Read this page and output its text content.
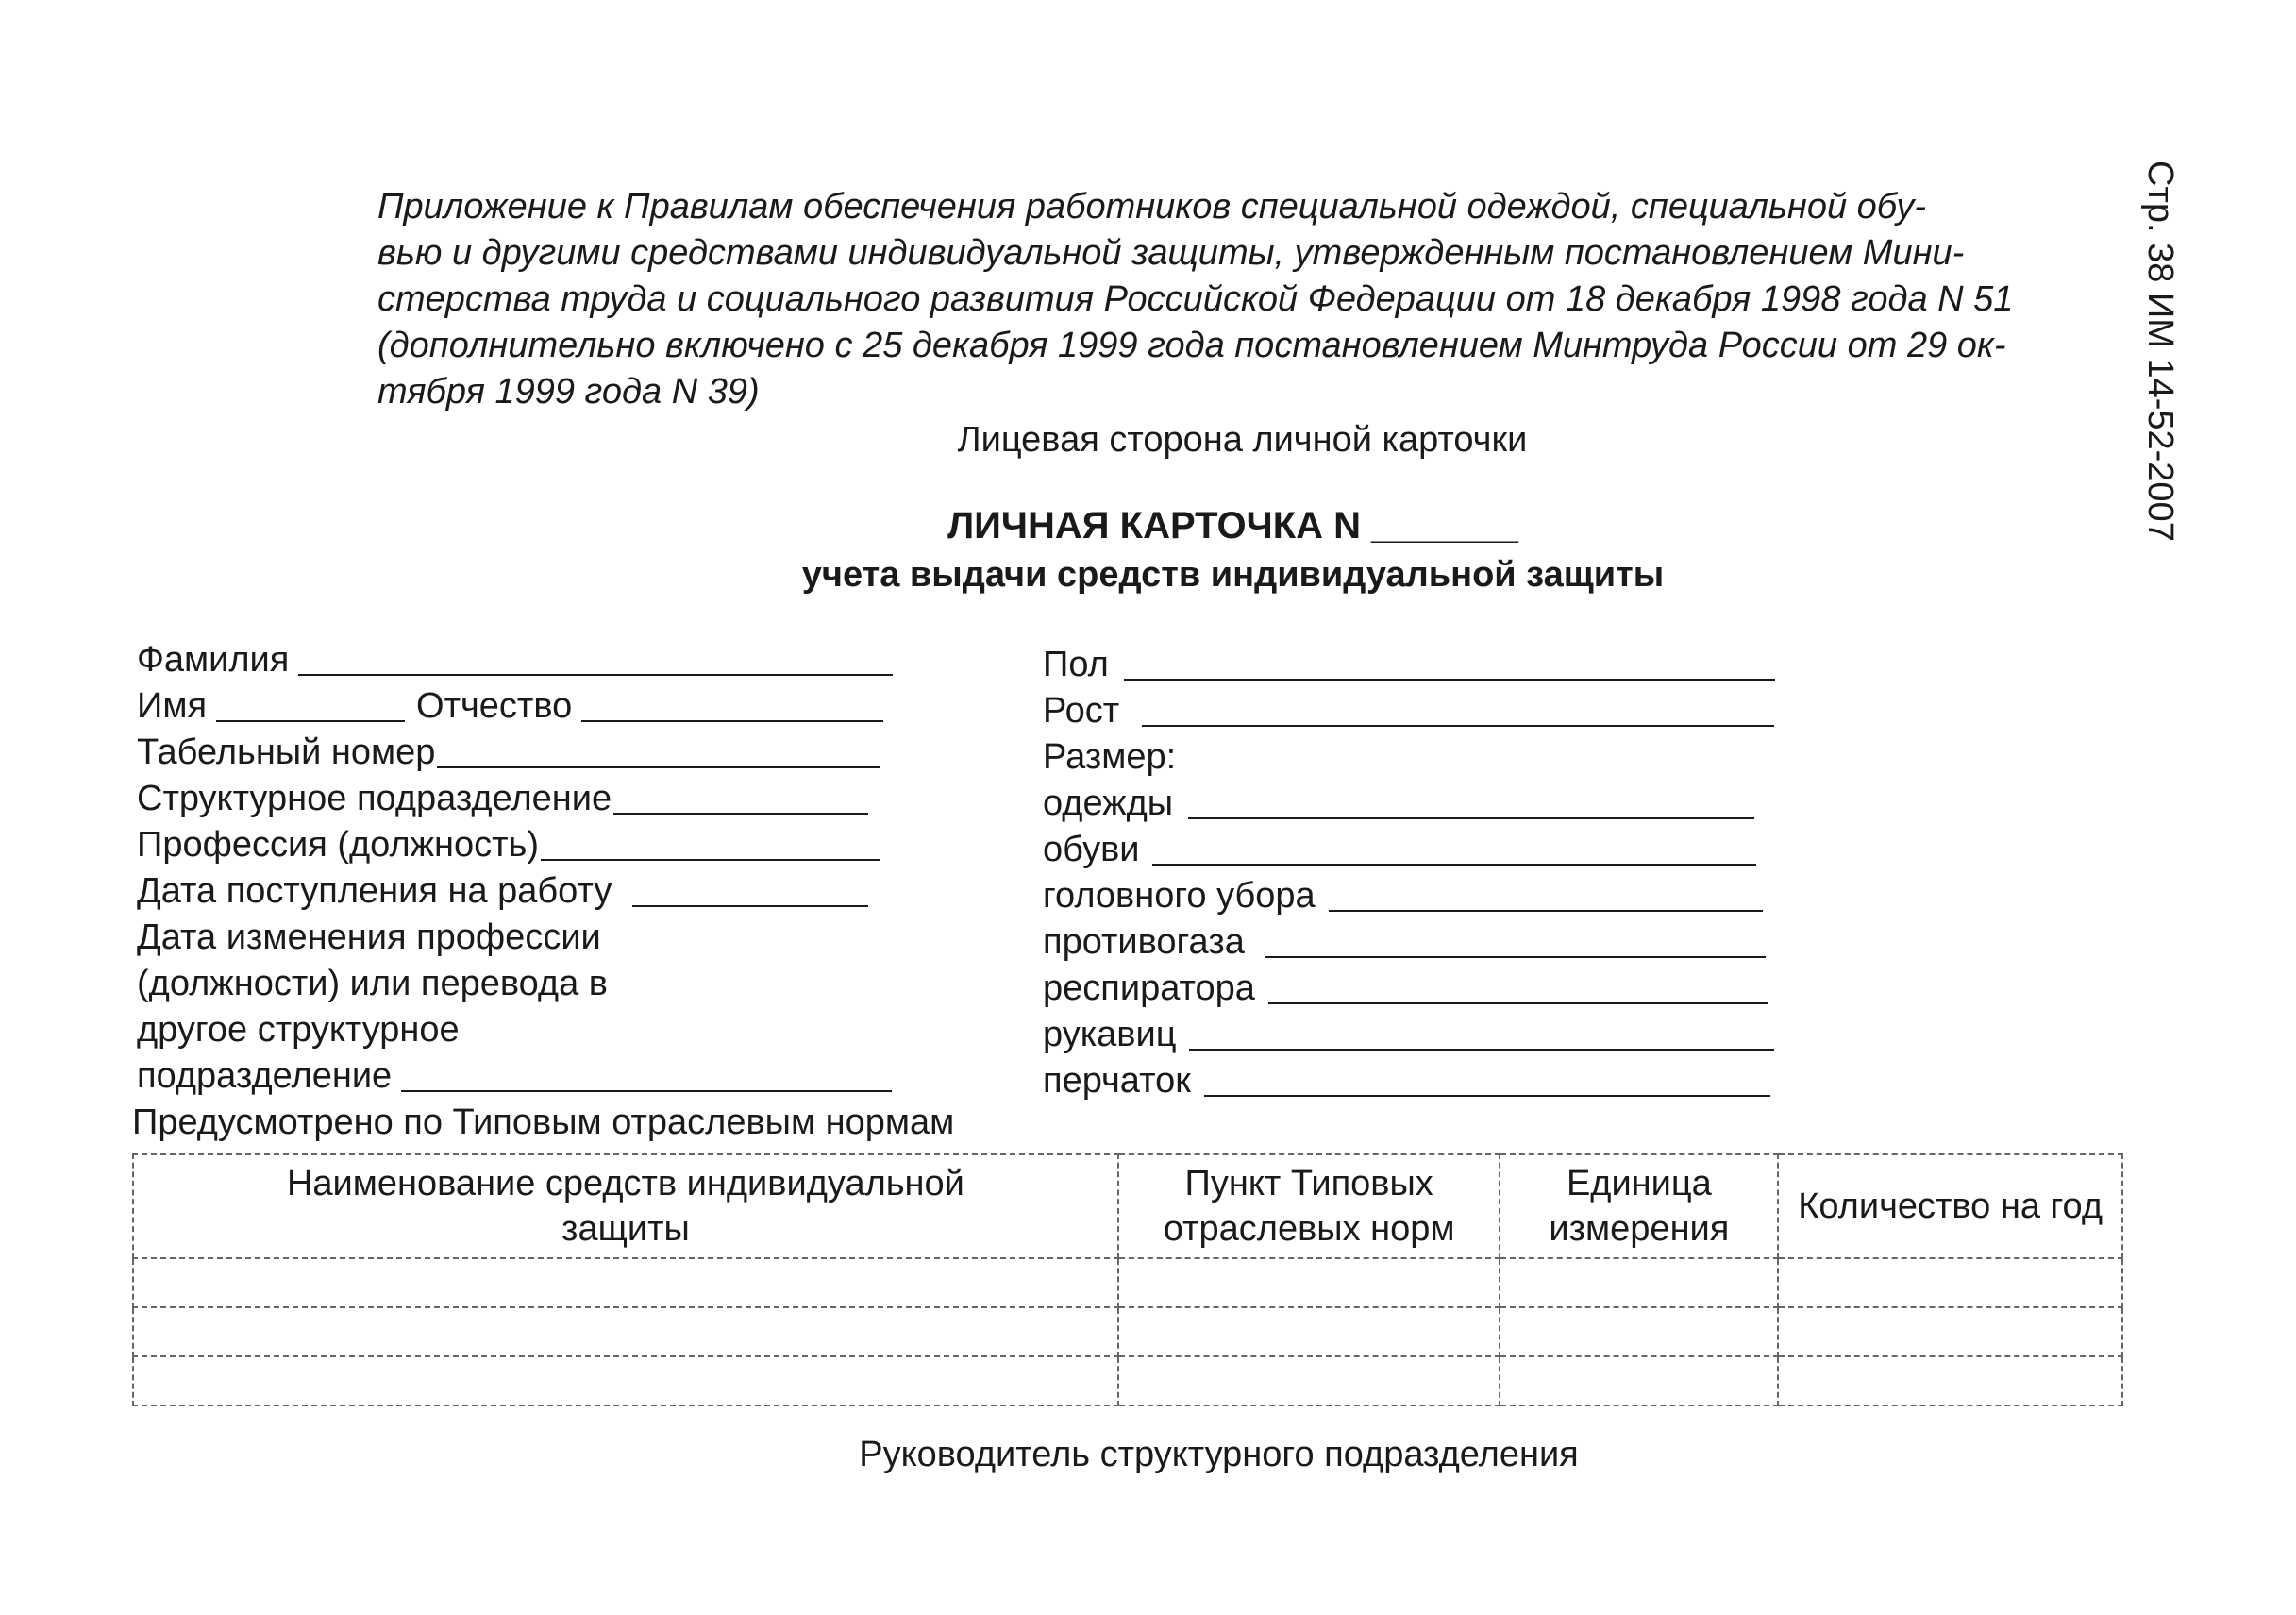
Стр. 38 ИМ 14-52-2007
Приложение к Правилам обеспечения работников специальной одеждой, специальной обу-
вью и другими средствами индивидуальной защиты, утвержденным постановлением Мини-
стерства труда и социального развития Российской Федерации от 18 декабря 1998 года N 51
(дополнительно включено с 25 декабря 1999 года постановлением Минтруда России от 29 ок-
тября 1999 года N 39)
Лицевая сторона личной карточки
ЛИЧНАЯ КАРТОЧКА N _______
учета выдачи средств индивидуальной защиты
Фамилия
Имя	Отчество
Табельный номер
Структурное подразделение
Профессия (должность)
Дата поступления на работу
Дата изменения профессии
(должности) или перевода в
другое структурное
подразделение
Пол
Рост
Размер:
одежды
обуви
головного убора
противогаза
респиратора
рукавиц
перчаток
Предусмотрено по Типовым отраслевым нормам
Наименование средств индивидуальной защиты	Пункт Типовых отраслевых норм	Единица измерения	Количество на год

Руководитель структурного подразделения
